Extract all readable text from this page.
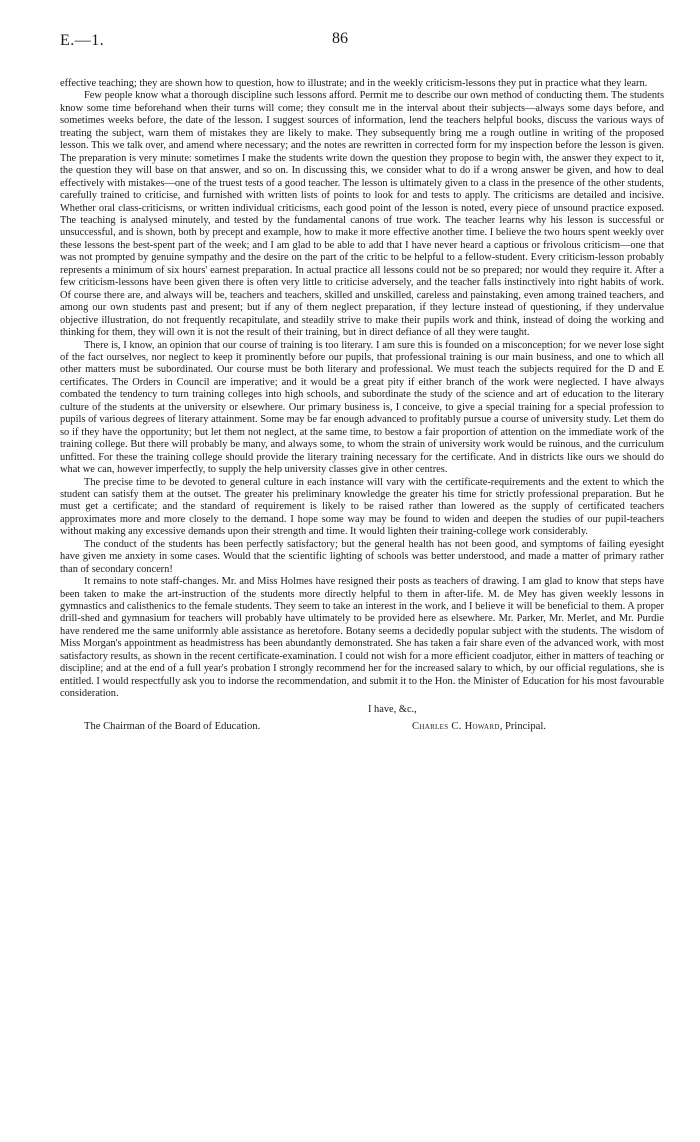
E.—1.	86

effective teaching; they are shown how to question, how to illustrate; and in the weekly criticism-lessons they put in practice what they learn.

Few people know what a thorough discipline such lessons afford. Permit me to describe our own method of conducting them. The students know some time beforehand when their turns will come; they consult me in the interval about their subjects—always some days before, and sometimes weeks before, the date of the lesson. I suggest sources of information, lend the teachers helpful books, discuss the various ways of treating the subject, warn them of mistakes they are likely to make. They subsequently bring me a rough outline in writing of the proposed lesson. This we talk over, and amend where necessary; and the notes are rewritten in corrected form for my inspection before the lesson is given. The preparation is very minute: sometimes I make the students write down the question they propose to begin with, the answer they expect to it, the question they will base on that answer, and so on. In discussing this, we consider what to do if a wrong answer be given, and how to deal effectively with mistakes—one of the truest tests of a good teacher. The lesson is ultimately given to a class in the presence of the other students, carefully trained to criticise, and furnished with written lists of points to look for and tests to apply. The criticisms are detailed and incisive. Whether oral class-criticisms, or written individual criticisms, each good point of the lesson is noted, every piece of unsound practice exposed. The teaching is analysed minutely, and tested by the fundamental canons of true work. The teacher learns why his lesson is successful or unsuccessful, and is shown, both by precept and example, how to make it more effective another time. I believe the two hours spent weekly over these lessons the best-spent part of the week; and I am glad to be able to add that I have never heard a captious or frivolous criticism—one that was not prompted by genuine sympathy and the desire on the part of the critic to be helpful to a fellow-student. Every criticism-lesson probably represents a minimum of six hours' earnest preparation. In actual practice all lessons could not be so prepared; nor would they require it. After a few criticism-lessons have been given there is often very little to criticise adversely, and the teacher falls instinctively into right habits of work. Of course there are, and always will be, teachers and teachers, skilled and unskilled, careless and painstaking, even among trained teachers, and among our own students past and present; but if any of them neglect preparation, if they lecture instead of questioning, if they undervalue objective illustration, do not frequently recapitulate, and steadily strive to make their pupils work and think, instead of doing the working and thinking for them, they will own it is not the result of their training, but in direct defiance of all they were taught.

There is, I know, an opinion that our course of training is too literary. I am sure this is founded on a misconception; for we never lose sight of the fact ourselves, nor neglect to keep it prominently before our pupils, that professional training is our main business, and one to which all other matters must be subordinated. Our course must be both literary and professional. We must teach the subjects required for the D and E certificates. The Orders in Council are imperative; and it would be a great pity if either branch of the work were neglected. I have always combated the tendency to turn training colleges into high schools, and subordinate the study of the science and art of education to the literary culture of the students at the university or elsewhere. Our primary business is, I conceive, to give a special training for a special profession to pupils of various degrees of literary attainment. Some may be far enough advanced to profitably pursue a course of university study. Let them do so if they have the opportunity; but let them not neglect, at the same time, to bestow a fair proportion of attention on the immediate work of the training college. But there will probably be many, and always some, to whom the strain of university work would be ruinous, and the curriculum unfitted. For these the training college should provide the literary training necessary for the certificate. And in districts like ours we should do what we can, however imperfectly, to supply the help university classes give in other centres.

The precise time to be devoted to general culture in each instance will vary with the certificate-requirements and the extent to which the student can satisfy them at the outset. The greater his preliminary knowledge the greater his time for strictly professional preparation. But he must get a certificate; and the standard of requirement is likely to be raised rather than lowered as the supply of certificated teachers approximates more and more closely to the demand. I hope some way may be found to widen and deepen the studies of our pupil-teachers without making any excessive demands upon their strength and time. It would lighten their training-college work considerably.

The conduct of the students has been perfectly satisfactory; but the general health has not been good, and symptoms of failing eyesight have given me anxiety in some cases. Would that the scientific lighting of schools was better understood, and made a matter of primary rather than of secondary concern!

It remains to note staff-changes. Mr. and Miss Holmes have resigned their posts as teachers of drawing. I am glad to know that steps have been taken to make the art-instruction of the students more directly helpful to them in after-life. M. de Mey has given weekly lessons in gymnastics and calisthenics to the female students. They seem to take an interest in the work, and I believe it will be beneficial to them. A proper drill-shed and gymnasium for teachers will probably have ultimately to be provided here as elsewhere. Mr. Parker, Mr. Merlet, and Mr. Purdie have rendered me the same uniformly able assistance as heretofore. Botany seems a decidedly popular subject with the students. The wisdom of Miss Morgan's appointment as headmistress has been abundantly demonstrated. She has taken a fair share even of the advanced work, with most satisfactory results, as shown in the recent certificate-examination. I could not wish for a more efficient coadjutor, either in matters of teaching or discipline; and at the end of a full year's probation I strongly recommend her for the increased salary to which, by our official regulations, she is entitled. I would respectfully ask you to indorse the recommendation, and submit it to the Hon. the Minister of Education for his most favourable consideration.

I have, &c.,
The Chairman of the Board of Education.	Charles C. Howard, Principal.
